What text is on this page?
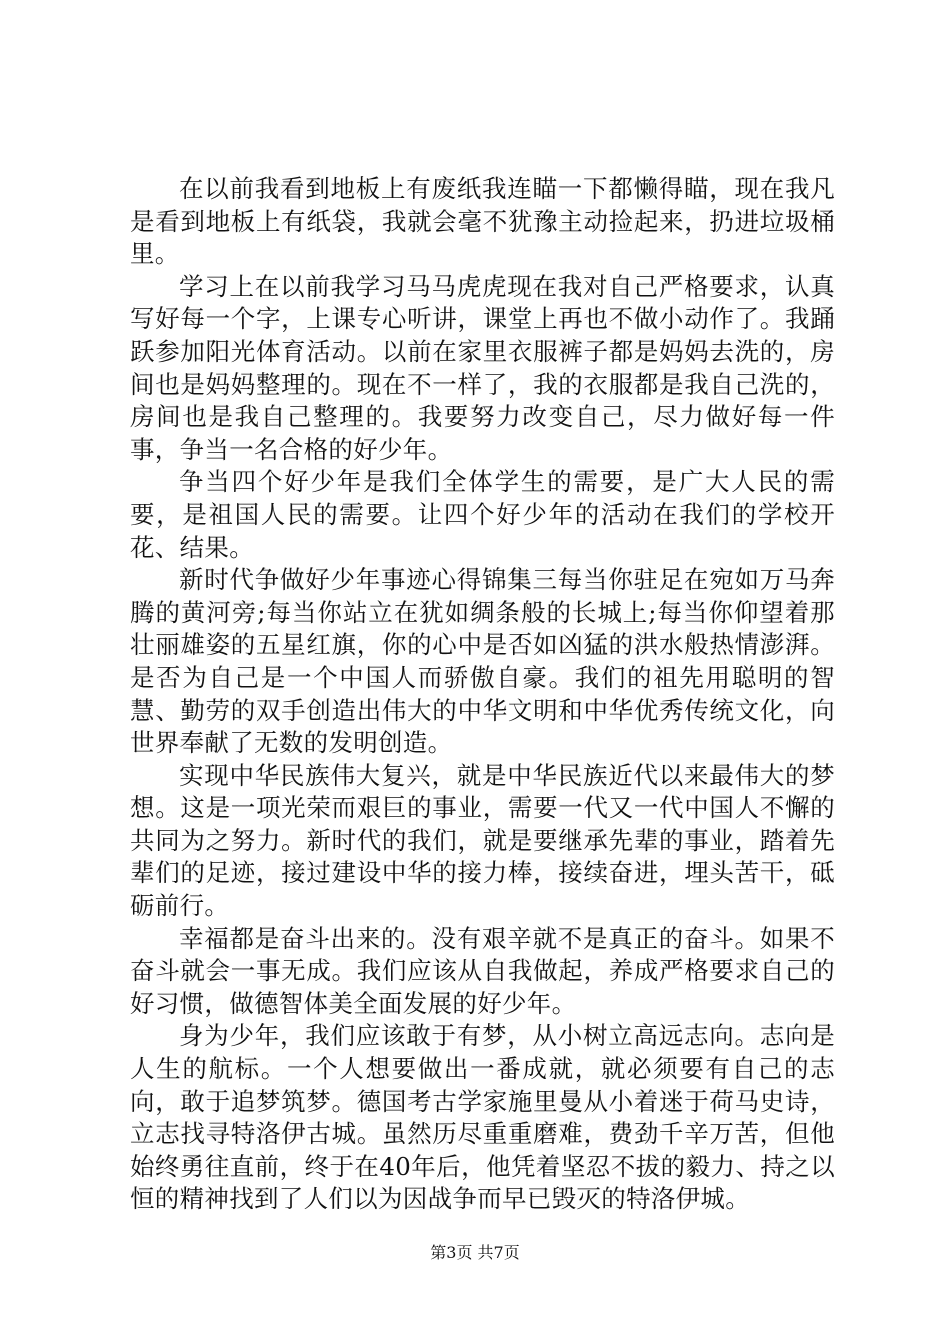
在以前我看到地板上有废纸我连瞄一下都懒得瞄，现在我凡是看到地板上有纸袋，我就会毫不犹豫主动捡起来，扔进垃圾桶里。

学习上在以前我学习马马虎虎现在我对自己严格要求，认真写好每一个字，上课专心听讲，课堂上再也不做小动作了。我踊跃参加阳光体育活动。以前在家里衣服裤子都是妈妈去洗的，房间也是妈妈整理的。现在不一样了，我的衣服都是我自己洗的，房间也是我自己整理的。我要努力改变自己，尽力做好每一件事，争当一名合格的好少年。

争当四个好少年是我们全体学生的需要，是广大人民的需要，是祖国人民的需要。让四个好少年的活动在我们的学校开花、结果。

新时代争做好少年事迹心得锦集三每当你驻足在宛如万马奔腾的黄河旁;每当你站立在犹如绸条般的长城上;每当你仰望着那壮丽雄姿的五星红旗，你的心中是否如凶猛的洪水般热情澎湃。是否为自己是一个中国人而骄傲自豪。我们的祖先用聪明的智慧、勤劳的双手创造出伟大的中华文明和中华优秀传统文化，向世界奉献了无数的发明创造。

实现中华民族伟大复兴，就是中华民族近代以来最伟大的梦想。这是一项光荣而艰巨的事业，需要一代又一代中国人不懈的共同为之努力。新时代的我们，就是要继承先辈的事业，踏着先辈们的足迹，接过建设中华的接力棒，接续奋进，埋头苦干，砥砺前行。

幸福都是奋斗出来的。没有艰辛就不是真正的奋斗。如果不奋斗就会一事无成。我们应该从自我做起，养成严格要求自己的好习惯，做德智体美全面发展的好少年。

身为少年，我们应该敢于有梦，从小树立高远志向。志向是人生的航标。一个人想要做出一番成就，就必须要有自己的志向，敢于追梦筑梦。德国考古学家施里曼从小着迷于荷马史诗，立志找寻特洛伊古城。虽然历尽重重磨难，费劲千辛万苦，但他始终勇往直前，终于在40年后，他凭着坚忍不拔的毅力、持之以恒的精神找到了人们以为因战争而早已毁灭的特洛伊城。

第3页 共7页
